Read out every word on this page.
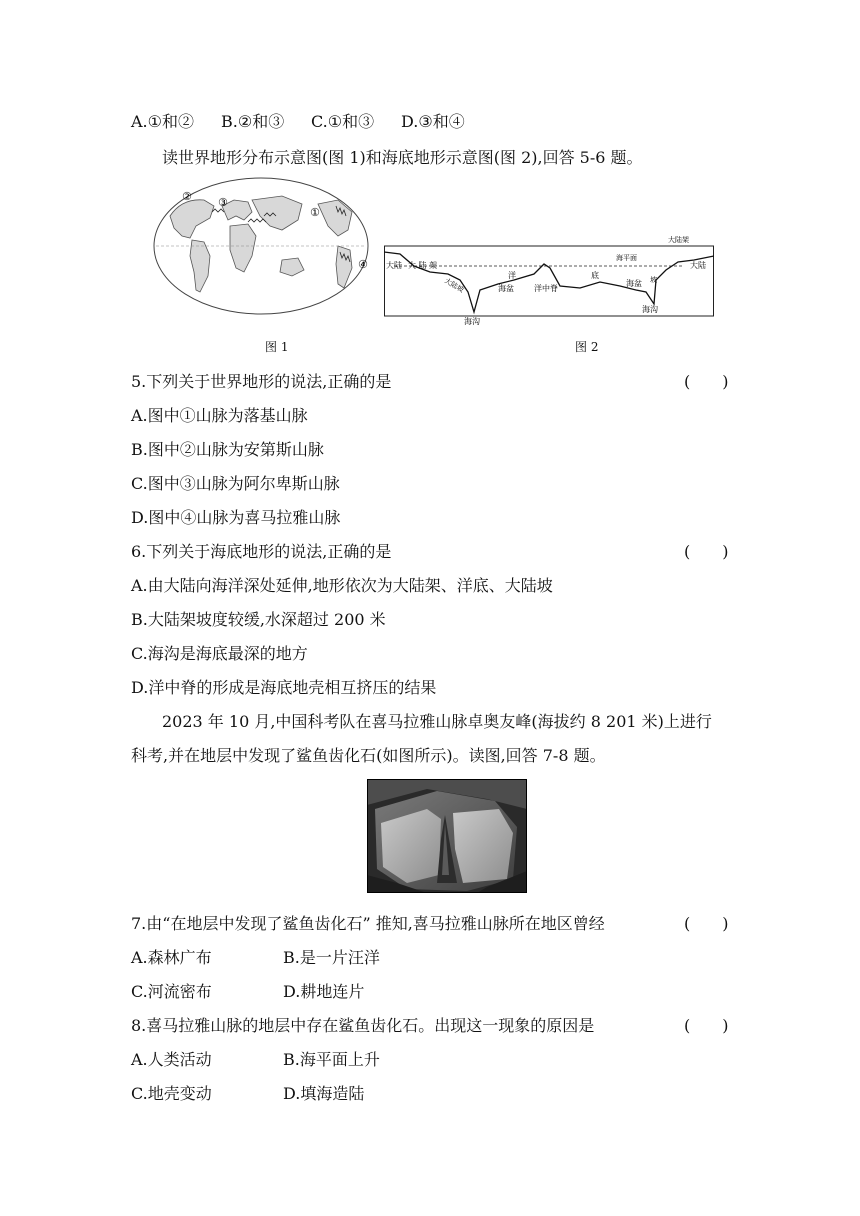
A.①和② B.②和③ C.①和③ D.③和④
读世界地形分布示意图(图 1)和海底地形示意图(图 2),回答 5-6 题。
② ③
①
④
图 1
大陆 大 陆 架
大陆坡
洋
海盆	洋中脊
底
海盆
海平面
大陆架
坡
大陆
海沟
海沟
图 2
5.下列关于世界地形的说法,正确的是	(　　)
A.图中①山脉为落基山脉
B.图中②山脉为安第斯山脉
C.图中③山脉为阿尔卑斯山脉
D.图中④山脉为喜马拉雅山脉
6.下列关于海底地形的说法,正确的是	(　　)
A.由大陆向海洋深处延伸,地形依次为大陆架、洋底、大陆坡
B.大陆架坡度较缓,水深超过 200 米
C.海沟是海底最深的地方
D.洋中脊的形成是海底地壳相互挤压的结果
2023 年 10 月,中国科考队在喜马拉雅山脉卓奥友峰(海拔约 8 201 米)上进行
科考,并在地层中发现了鲨鱼齿化石(如图所示)。读图,回答 7-8 题。
7.由“在地层中发现了鲨鱼齿化石” 推知,喜马拉雅山脉所在地区曾经	(　　)
A.森林广布	B.是一片汪洋
C.河流密布	D.耕地连片
8.喜马拉雅山脉的地层中存在鲨鱼齿化石。出现这一现象的原因是	(　　)
A.人类活动	B.海平面上升
C.地壳变动	D.填海造陆
